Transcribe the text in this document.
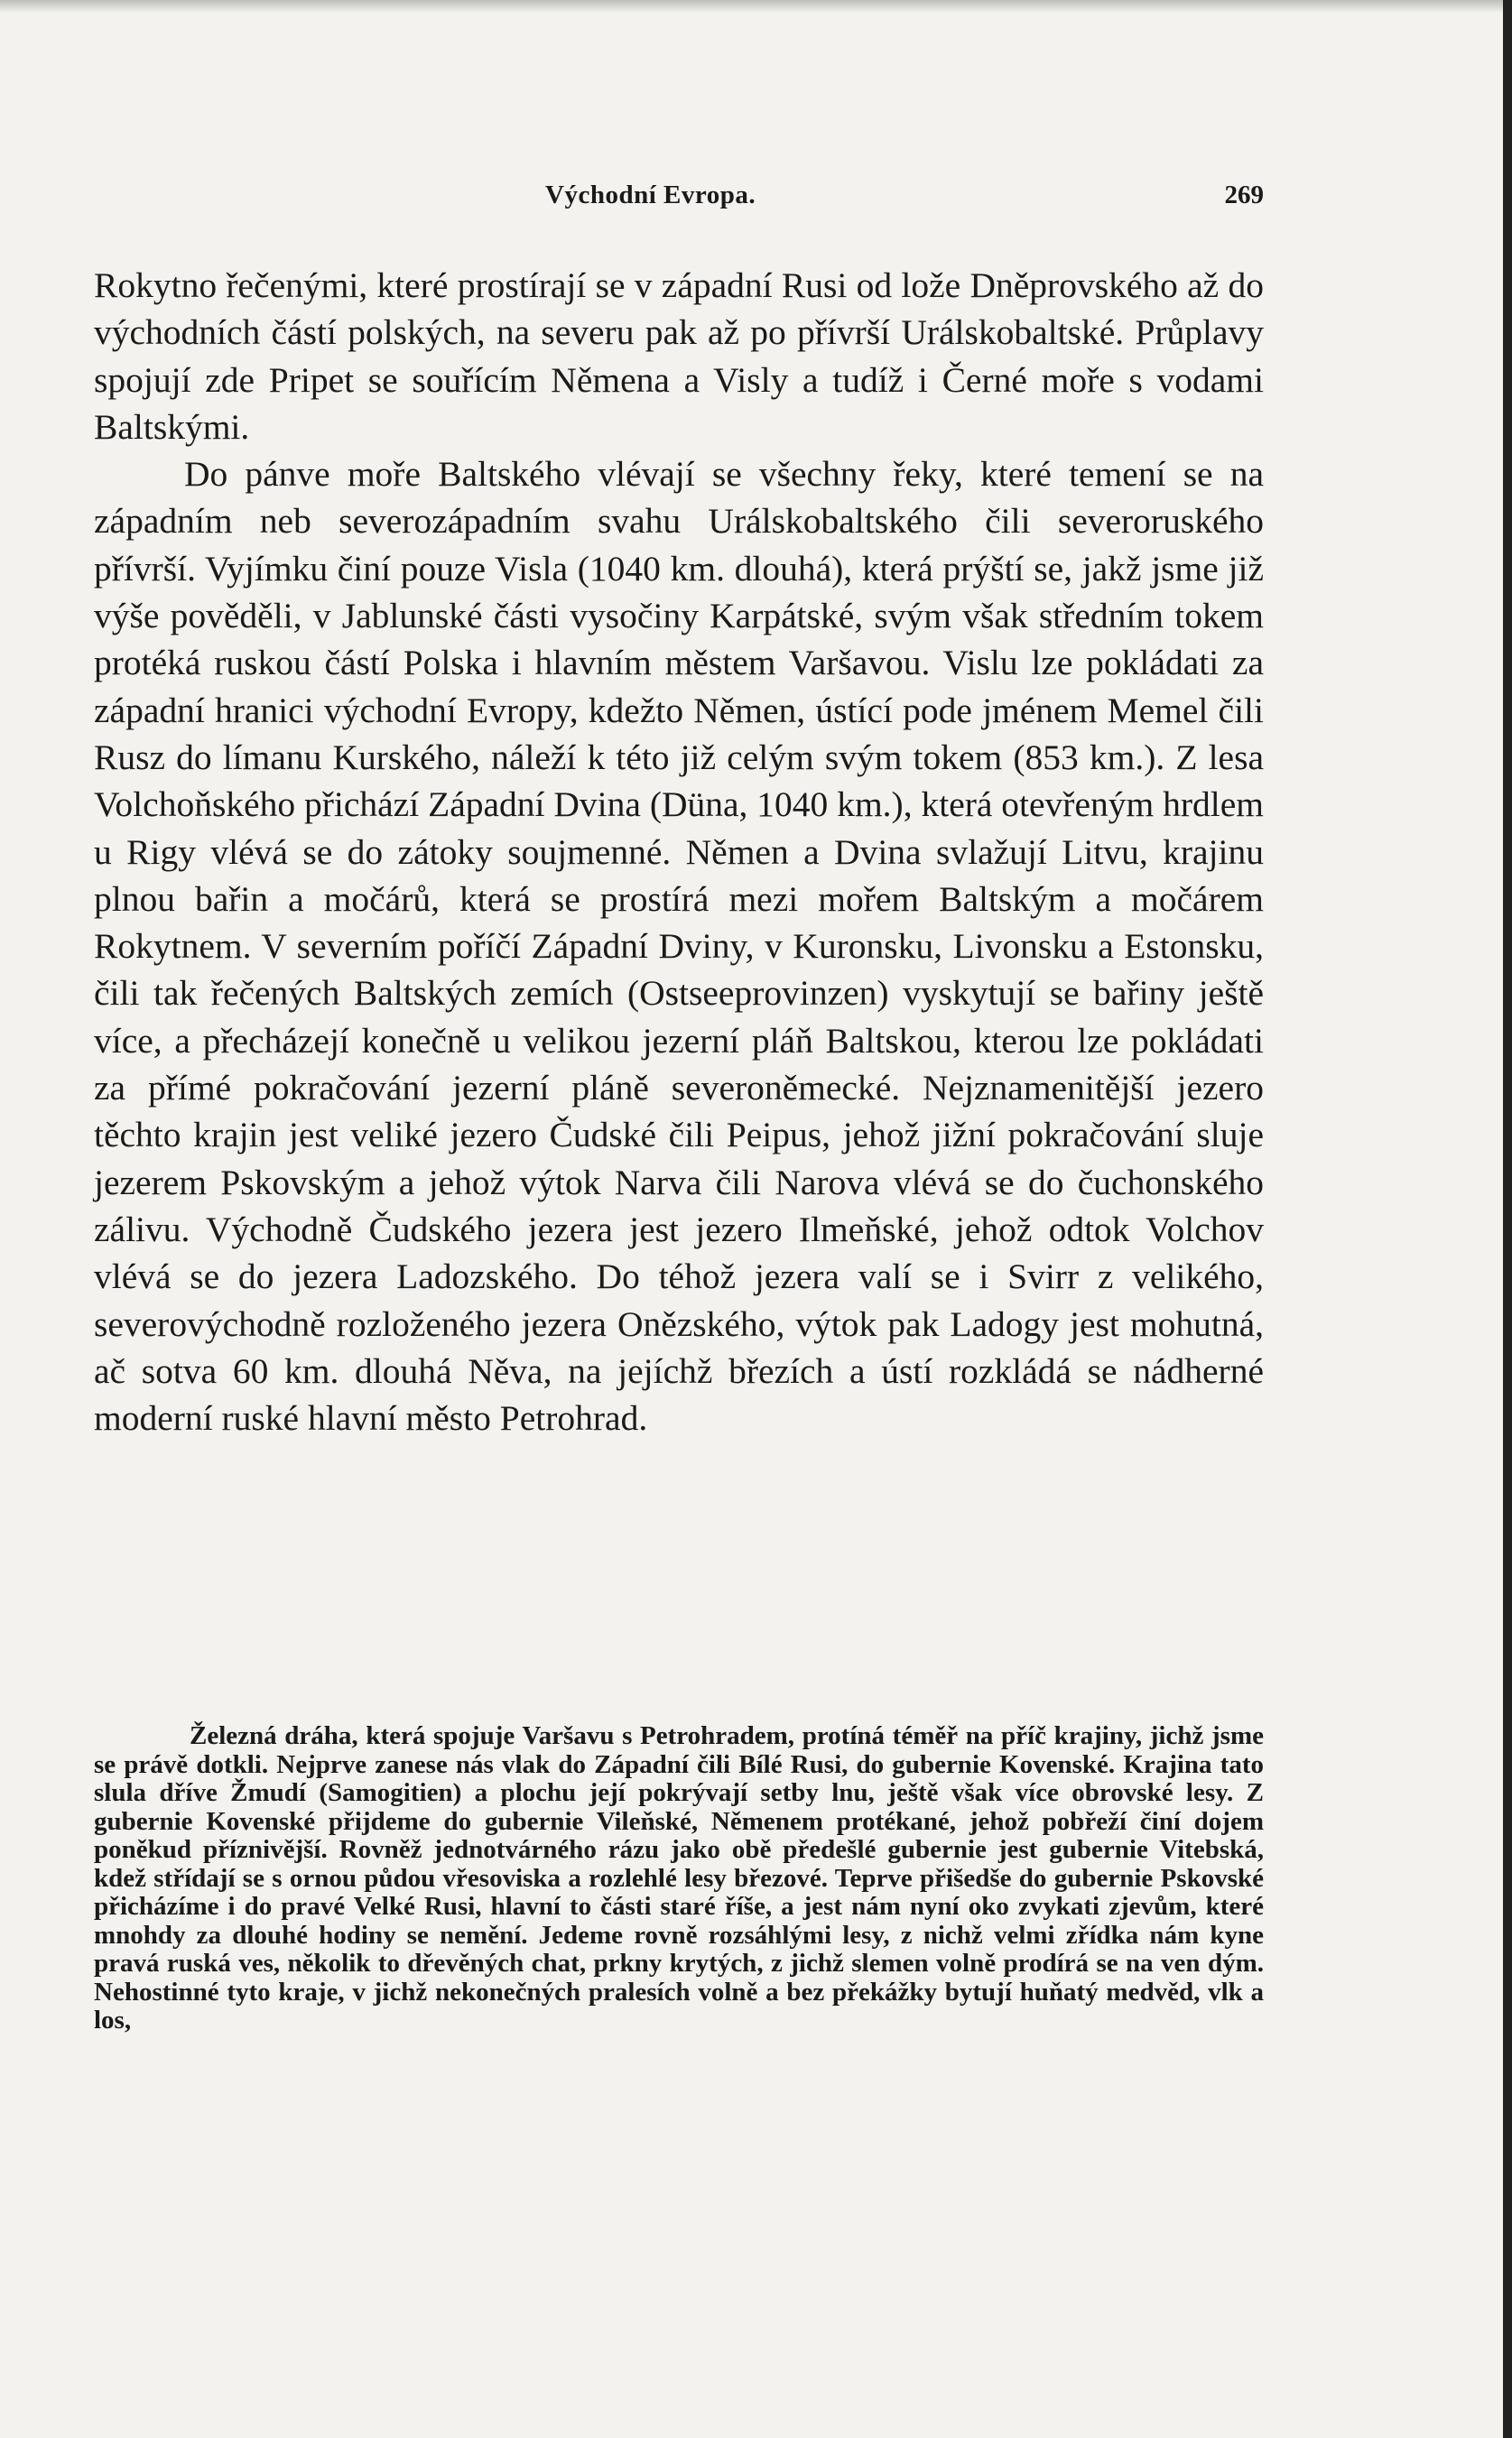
Východní Evropa.	269

Rokytno řečenými, které prostírají se v západní Rusi od lože Dněprovského až do východních částí polských, na severu pak až po přívrší Urálskobaltské. Průplavy spojují zde Pripet se souřícím Němena a Visly a tudíž i Černé moře s vodami Baltskými.

Do pánve moře Baltského vlévají se všechny řeky, které temení se na západním neb severozápadním svahu Urálskobaltského čili severoruského přívrší. Vyjímku činí pouze Visla (1040 km. dlouhá), která prýští se, jakž jsme již výše pověděli, v Jablunské části vysočiny Karpátské, svým však středním tokem protéká ruskou částí Polska i hlavním městem Varšavou. Vislu lze pokládati za západní hranici východní Evropy, kdežto Němen, ústící pode jménem Memel čili Rusz do límanu Kurského, náleží k této již celým svým tokem (853 km.). Z lesa Volchoňského přichází Západní Dvina (Düna, 1040 km.), která otevřeným hrdlem u Rigy vlévá se do zátoky soujmenné. Němen a Dvina svlažují Litvu, krajinu plnou bařin a močárů, která se prostírá mezi mořem Baltským a močárem Rokytnem. V severním poříčí Západní Dviny, v Kuronsku, Livonsku a Estonsku, čili tak řečených Baltských zemích (Ostseeprovinzen) vyskytují se bařiny ještě více, a přecházejí konečně u velikou jezerní pláň Baltskou, kterou lze pokládati za přímé pokračování jezerní pláně severoněmecké. Nejznamenitější jezero těchto krajin jest veliké jezero Čudské čili Peipus, jehož jižní pokračování sluje jezerem Pskovským a jehož výtok Narva čili Narova vlévá se do čuchonského zálivu. Východně Čudského jezera jest jezero Ilmeňské, jehož odtok Volchov vlévá se do jezera Ladozského. Do téhož jezera valí se i Svirr z velikého, severovýchodně rozloženého jezera Onězského, výtok pak Ladogy jest mohutná, ač sotva 60 km. dlouhá Něva, na jejíchž březích a ústí rozkládá se nádherné moderní ruské hlavní město Petrohrad.

Železná dráha, která spojuje Varšavu s Petrohradem, protíná téměř na příč krajiny, jichž jsme se právě dotkli. Nejprve zanese nás vlak do Západní čili Bílé Rusi, do gubernie Kovenské. Krajina tato slula dříve Žmudí (Samogitien) a plochu její pokrývají setby lnu, ještě však více obrovské lesy. Z gubernie Kovenské přijdeme do gubernie Vileňské, Němenem protékané, jehož pobřeží činí dojem poněkud příznivější. Rovněž jednotvárného rázu jako obě předešlé gubernie jest gubernie Vitebská, kdež střídají se s ornou půdou vřesoviska a rozlehlé lesy březové. Teprve přišedše do gubernie Pskovské přicházíme i do pravé Velké Rusi, hlavní to části staré říše, a jest nám nyní oko zvykati zjevům, které mnohdy za dlouhé hodiny se nemění. Jedeme rovně rozsáhlými lesy, z nichž velmi zřídka nám kyne pravá ruská ves, několik to dřevěných chat, prkny krytých, z jichž slemen volně prodírá se na ven dým. Nehostinné tyto kraje, v jichž nekonečných pralesích volně a bez překážky bytují huňatý medvěd, vlk a los,
